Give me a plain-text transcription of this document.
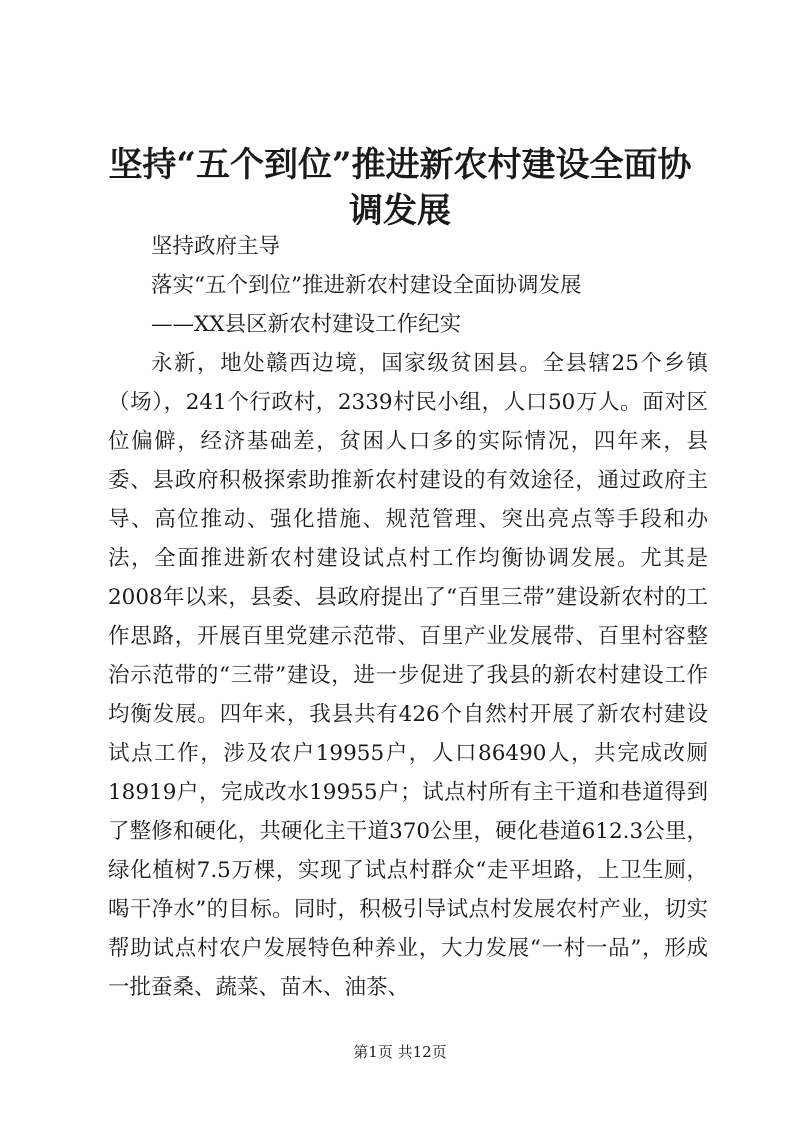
坚持“五个到位”推进新农村建设全面协调发展

坚持政府主导

落实“五个到位”推进新农村建设全面协调发展

——XX县区新农村建设工作纪实

永新，地处赣西边境，国家级贫困县。全县辖25个乡镇（场），241个行政村，2339村民小组，人口50万人。面对区位偏僻，经济基础差，贫困人口多的实际情况，四年来，县委、县政府积极探索助推新农村建设的有效途径，通过政府主导、高位推动、强化措施、规范管理、突出亮点等手段和办法，全面推进新农村建设试点村工作均衡协调发展。尤其是2008年以来，县委、县政府提出了“百里三带”建设新农村的工作思路，开展百里党建示范带、百里产业发展带、百里村容整治示范带的“三带”建设，进一步促进了我县的新农村建设工作均衡发展。四年来，我县共有426个自然村开展了新农村建设试点工作，涉及农户19955户，人口86490人，共完成改厕18919户，完成改水19955户；试点村所有主干道和巷道得到了整修和硬化，共硬化主干道370公里，硬化巷道612.3公里，绿化植树7.5万棵，实现了试点村群众“走平坦路，上卫生厕，喝干净水”的目标。同时，积极引导试点村发展农村产业，切实帮助试点村农户发展特色种养业，大力发展“一村一品”，形成一批蚕桑、蔬菜、苗木、油茶、

第1页 共12页
